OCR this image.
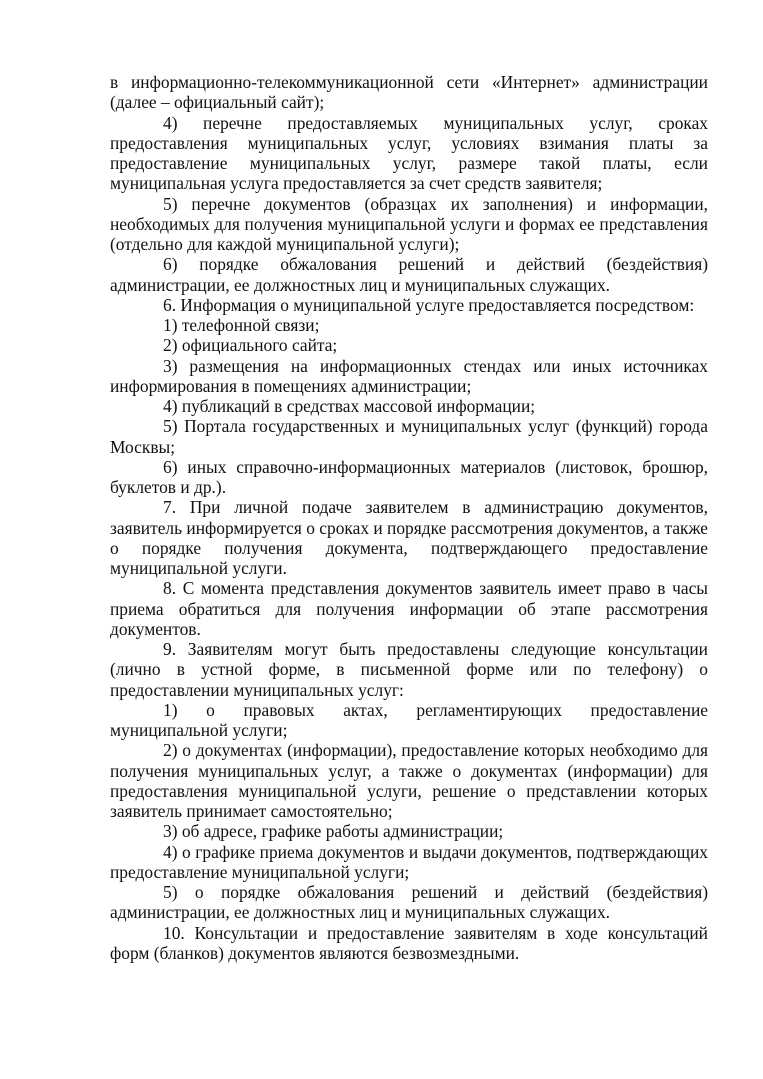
в информационно-телекоммуникационной сети «Интернет» администрации (далее – официальный сайт);

4) перечне предоставляемых муниципальных услуг, сроках предоставления муниципальных услуг, условиях взимания платы за предоставление муниципальных услуг, размере такой платы, если муниципальная услуга предоставляется за счет средств заявителя;

5) перечне документов (образцах их заполнения) и информации, необходимых для получения муниципальной услуги и формах ее представления (отдельно для каждой муниципальной услуги);

6) порядке обжалования решений и действий (бездействия) администрации, ее должностных лиц и муниципальных служащих.

6. Информация о муниципальной услуге предоставляется посредством:

1) телефонной связи;

2) официального сайта;

3) размещения на информационных стендах или иных источниках информирования в помещениях администрации;

4) публикаций в средствах массовой информации;

5) Портала государственных и муниципальных услуг (функций) города Москвы;

6) иных справочно-информационных материалов (листовок, брошюр, буклетов и др.).

7. При личной подаче заявителем в администрацию документов, заявитель информируется о сроках и порядке рассмотрения документов, а также о порядке получения документа, подтверждающего предоставление муниципальной услуги.

8. С момента представления документов заявитель имеет право в часы приема обратиться для получения информации об этапе рассмотрения документов.

9. Заявителям могут быть предоставлены следующие консультации (лично в устной форме, в письменной форме или по телефону) о предоставлении муниципальных услуг:

1) о правовых актах, регламентирующих предоставление муниципальной услуги;

2) о документах (информации), предоставление которых необходимо для получения муниципальных услуг, а также о документах (информации) для предоставления муниципальной услуги, решение о представлении которых заявитель принимает самостоятельно;

3) об адресе, графике работы администрации;

4) о графике приема документов и выдачи документов, подтверждающих предоставление муниципальной услуги;

5) о порядке обжалования решений и действий (бездействия) администрации, ее должностных лиц и муниципальных служащих.

10. Консультации и предоставление заявителям в ходе консультаций форм (бланков) документов являются безвозмездными.
